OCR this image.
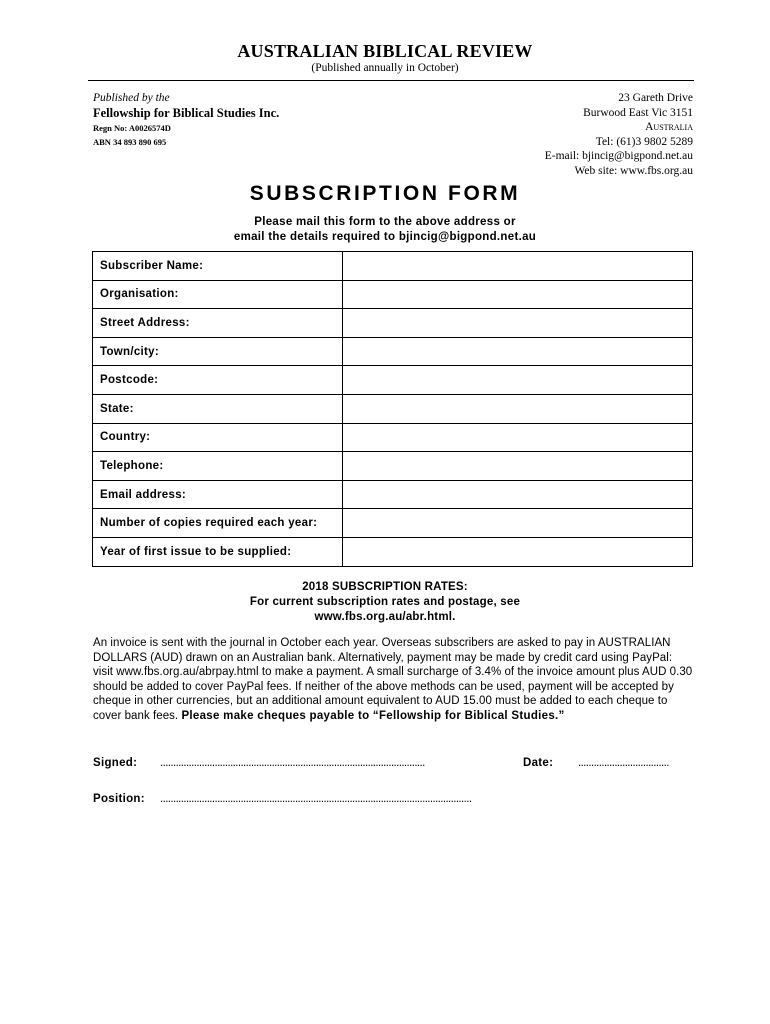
AUSTRALIAN BIBLICAL REVIEW
(Published annually in October)
Published by the
Fellowship for Biblical Studies Inc.
Regn No: A0026574D
ABN 34 893 890 695
23 Gareth Drive
Burwood East Vic 3151
Australia
Tel: (61)3 9802 5289
E-mail: bjincig@bigpond.net.au
Web site: www.fbs.org.au
SUBSCRIPTION FORM
Please mail this form to the above address or
email the details required to bjincig@bigpond.net.au
Subscriber Name:	
Organisation:	
Street Address:	
Town/city:	
Postcode:	
State:	
Country:	
Telephone:	
Email address:	
Number of copies required each year:	
Year of first issue to be supplied:	
2018 SUBSCRIPTION RATES:
For current subscription rates and postage, see
www.fbs.org.au/abr.html.
An invoice is sent with the journal in October each year. Overseas subscribers are asked to pay in AUSTRALIAN DOLLARS (AUD) drawn on an Australian bank. Alternatively, payment may be made by credit card using PayPal: visit www.fbs.org.au/abrpay.html to make a payment. A small surcharge of 3.4% of the invoice amount plus AUD 0.30 should be added to cover PayPal fees. If neither of the above methods can be used, payment will be accepted by cheque in other currencies, but an additional amount equivalent to AUD 15.00 must be added to each cheque to cover bank fees. Please make cheques payable to “Fellowship for Biblical Studies.”
Signed: ......................................................................................................	Date: ...................................
Position: ........................................................................................................................
